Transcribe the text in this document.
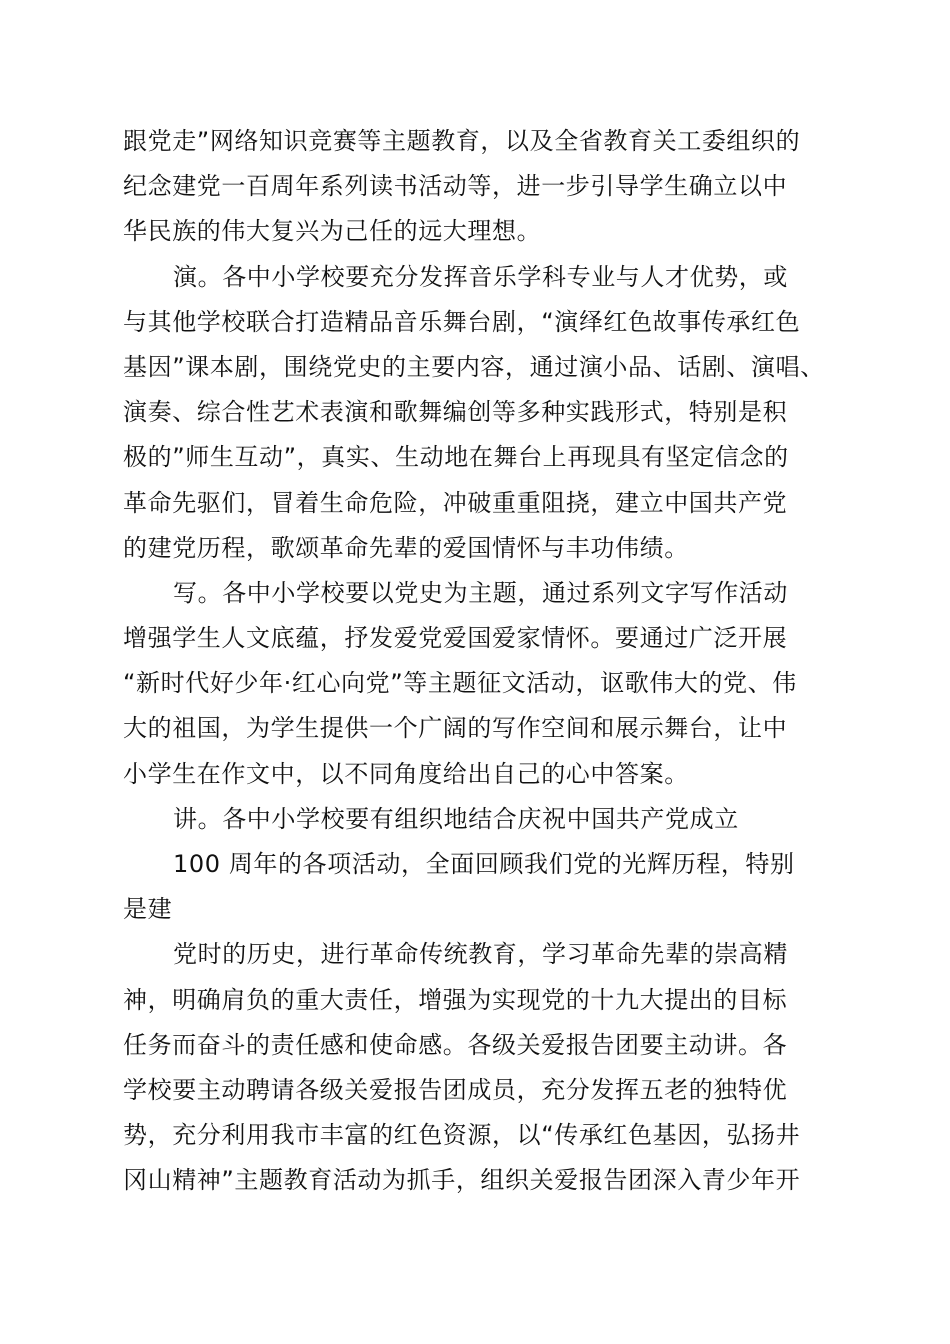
跟党走”网络知识竞赛等主题教育，以及全省教育关工委组织的
纪念建党一百周年系列读书活动等，进一步引导学生确立以中
华民族的伟大复兴为己任的远大理想。
演。各中小学校要充分发挥音乐学科专业与人才优势，或
与其他学校联合打造精品音乐舞台剧，“演绎红色故事传承红色
基因”课本剧，围绕党史的主要内容，通过演小品、话剧、演唱、
演奏、综合性艺术表演和歌舞编创等多种实践形式，特别是积
极的”师生互动”，真实、生动地在舞台上再现具有坚定信念的
革命先驱们，冒着生命危险，冲破重重阻挠，建立中国共产党
的建党历程，歌颂革命先辈的爱国情怀与丰功伟绩。
写。各中小学校要以党史为主题，通过系列文字写作活动
增强学生人文底蕴，抒发爱党爱国爱家情怀。要通过广泛开展
“新时代好少年·红心向党”等主题征文活动，讴歌伟大的党、伟
大的祖国，为学生提供一个广阔的写作空间和展示舞台，让中
小学生在作文中，以不同角度给出自己的心中答案。
讲。各中小学校要有组织地结合庆祝中国共产党成立
100 周年的各项活动，全面回顾我们党的光辉历程，特别
是建
党时的历史，进行革命传统教育，学习革命先辈的崇高精
神，明确肩负的重大责任，增强为实现党的十九大提出的目标
任务而奋斗的责任感和使命感。各级关爱报告团要主动讲。各
学校要主动聘请各级关爱报告团成员，充分发挥五老的独特优
势，充分利用我市丰富的红色资源，以“传承红色基因，弘扬井
冈山精神”主题教育活动为抓手，组织关爱报告团深入青少年开
